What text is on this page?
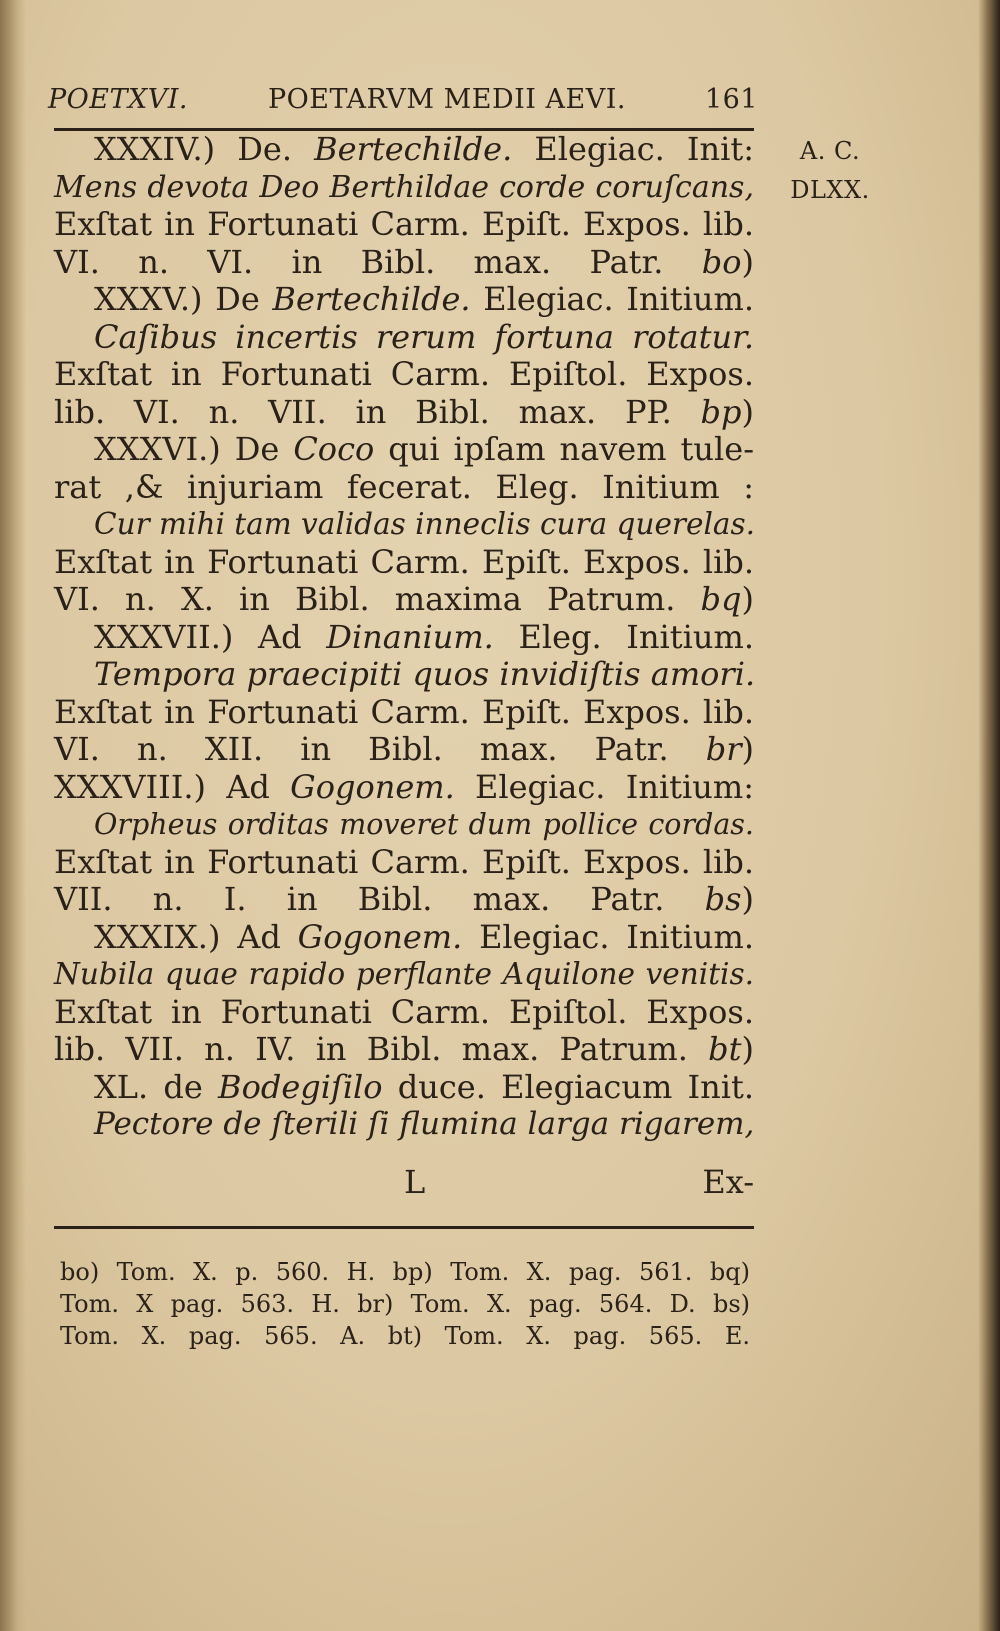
POETXVI.	POETARVM MEDII AEVI.	161
A. C.
DLXX.
XXXIV.) De. Bertechilde. Elegiac. Init:
Mens devota Deo Berthildae corde coruſcans,
Exſtat in Fortunati Carm. Epiſt. Expos. lib.
VI. n. VI. in Bibl. max. Patr. bo)
XXXV.) De Bertechilde. Elegiac. Initium.
Caſibus incertis rerum fortuna rotatur.
Exſtat in Fortunati Carm. Epiſtol. Expos.
lib. VI. n. VII. in Bibl. max. PP. bp)
XXXVI.) De Coco qui ipſam navem tule-
rat ,& injuriam fecerat. Eleg. Initium :
Cur mihi tam validas inneclis cura querelas.
Exſtat in Fortunati Carm. Epiſt. Expos. lib.
VI. n. X. in Bibl. maxima Patrum. bq)
XXXVII.) Ad Dinanium. Eleg. Initium.
Tempora praecipiti quos invidiſtis amori.
Exſtat in Fortunati Carm. Epiſt. Expos. lib.
VI. n. XII. in Bibl. max. Patr. br)
XXXVIII.) Ad Gogonem. Elegiac. Initium:
Orpheus orditas moveret dum pollice cordas.
Exſtat in Fortunati Carm. Epiſt. Expos. lib.
VII. n. I. in Bibl. max. Patr. bs)
XXXIX.) Ad Gogonem. Elegiac. Initium.
Nubila quae rapido perflante Aquilone venitis.
Exſtat in Fortunati Carm. Epiſtol. Expos.
lib. VII. n. IV. in Bibl. max. Patrum. bt)
XL. de Bodegiſilo duce. Elegiacum Init.
Pectore de ſterili ſi flumina larga rigarem,
L	Ex-
bo) Tom. X. p. 560. H. bp) Tom. X. pag. 561. bq)
Tom. X pag. 563. H. br) Tom. X. pag. 564. D. bs)
Tom. X. pag. 565. A. bt) Tom. X. pag. 565. E.
